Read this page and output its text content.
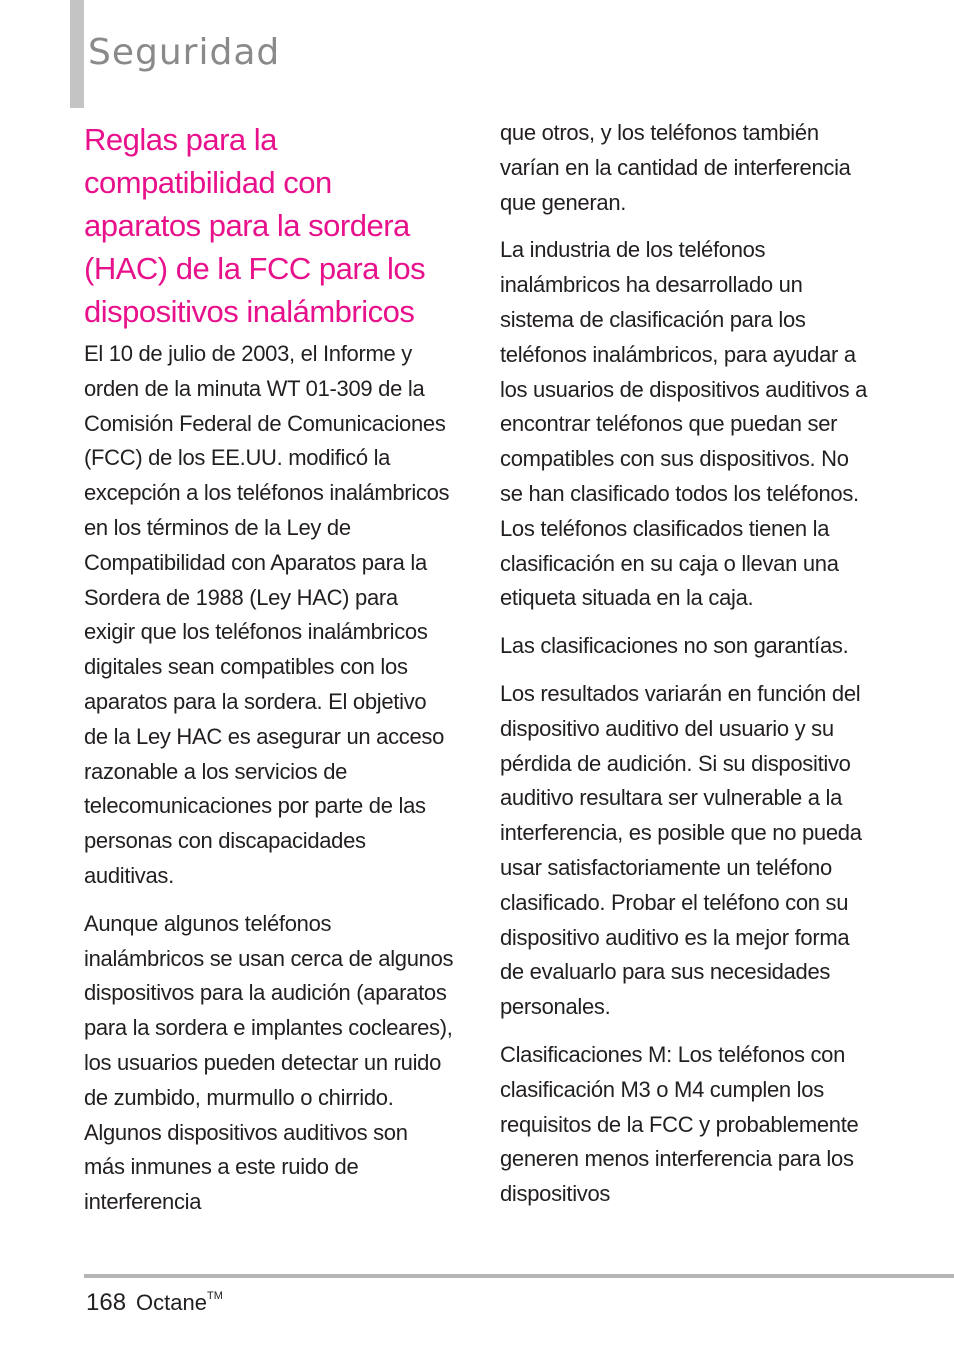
Seguridad
Reglas para la compatibilidad con aparatos para la sordera (HAC) de la FCC para los dispositivos inalámbricos

El 10 de julio de 2003, el Informe y orden de la minuta WT 01-309 de la Comisión Federal de Comunicaciones (FCC) de los EE.UU. modificó la excepción a los teléfonos inalámbricos en los términos de la Ley de Compatibilidad con Aparatos para la Sordera de 1988 (Ley HAC) para exigir que los teléfonos inalámbricos digitales sean compatibles con los aparatos para la sordera. El objetivo de la Ley HAC es asegurar un acceso razonable a los servicios de telecomunicaciones por parte de las personas con discapacidades auditivas.

Aunque algunos teléfonos inalámbricos se usan cerca de algunos dispositivos para la audición (aparatos para la sordera e implantes cocleares), los usuarios pueden detectar un ruido de zumbido, murmullo o chirrido. Algunos dispositivos auditivos son más inmunes a este ruido de interferencia

que otros, y los teléfonos también varían en la cantidad de interferencia que generan.

La industria de los teléfonos inalámbricos ha desarrollado un sistema de clasificación para los teléfonos inalámbricos, para ayudar a los usuarios de dispositivos auditivos a encontrar teléfonos que puedan ser compatibles con sus dispositivos. No se han clasificado todos los teléfonos. Los teléfonos clasificados tienen la clasificación en su caja o llevan una etiqueta situada en la caja.

Las clasificaciones no son garantías.

Los resultados variarán en función del dispositivo auditivo del usuario y su pérdida de audición. Si su dispositivo auditivo resultara ser vulnerable a la interferencia, es posible que no pueda usar satisfactoriamente un teléfono clasificado. Probar el teléfono con su dispositivo auditivo es la mejor forma de evaluarlo para sus necesidades personales.

Clasificaciones M: Los teléfonos con clasificación M3 o M4 cumplen los requisitos de la FCC y probablemente generen menos interferencia para los dispositivos

168 Octane™
